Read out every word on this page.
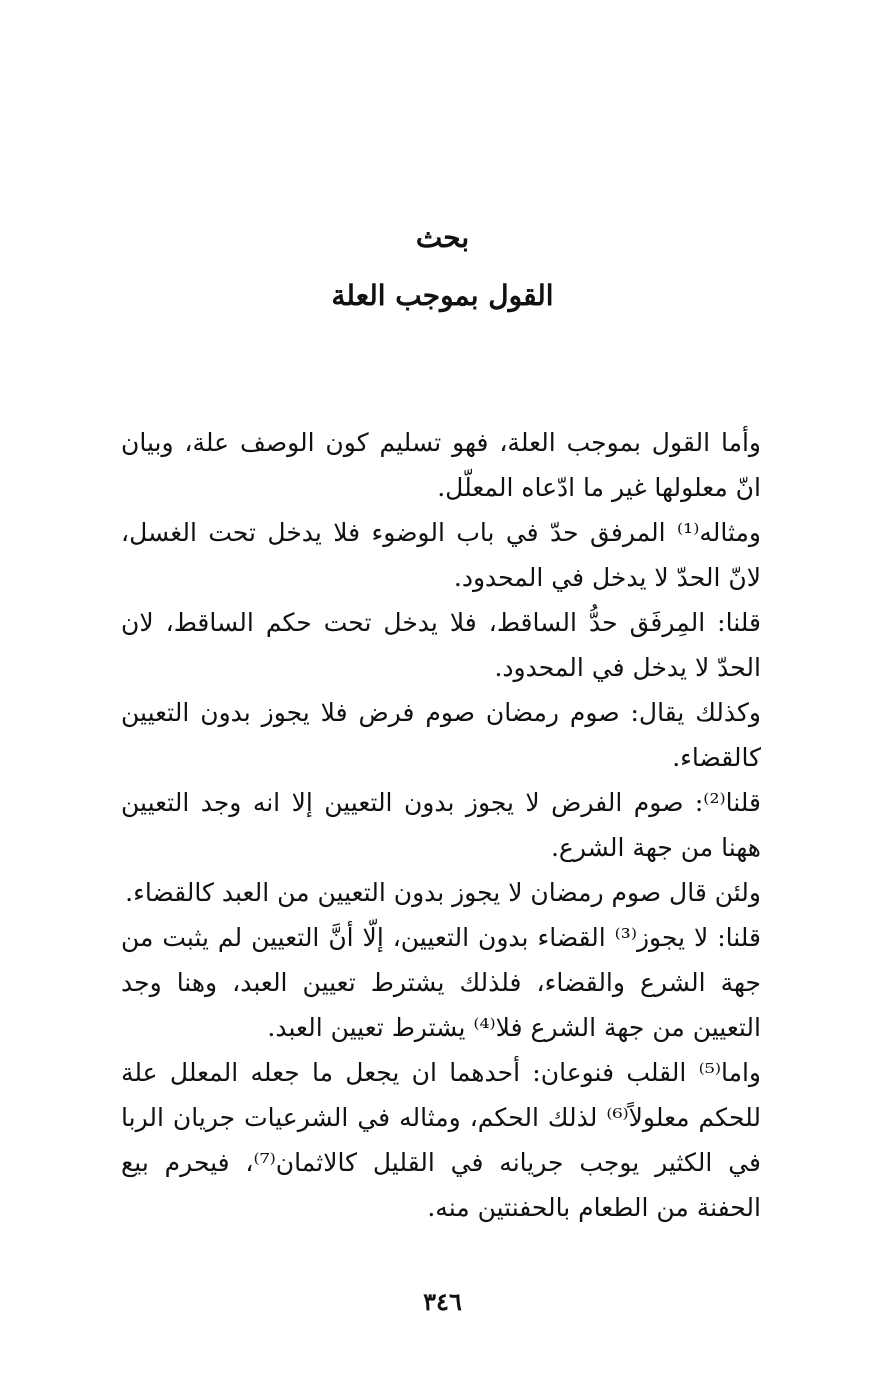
بحث
القول بموجب العلة

وأما القول بموجب العلة، فهو تسليم كون الوصف علة، وبيان انّ معلولها غير ما ادّعاه المعلّل.

ومثاله⁽¹⁾ المرفق حدّ في باب الوضوء فلا يدخل تحت الغسل، لانّ الحدّ لا يدخل في المحدود.

قلنا: المِرفَق حدُّ الساقط، فلا يدخل تحت حكم الساقط، لان الحدّ لا يدخل في المحدود.

وكذلك يقال: صوم رمضان صوم فرض فلا يجوز بدون التعيين كالقضاء.

قلنا⁽²⁾: صوم الفرض لا يجوز بدون التعيين إلا انه وجد التعيين ههنا من جهة الشرع.

ولئن قال صوم رمضان لا يجوز بدون التعيين من العبد كالقضاء.

قلنا: لا يجوز⁽³⁾ القضاء بدون التعيين، إلّا أنَّ التعيين لم يثبت من جهة الشرع والقضاء، فلذلك يشترط تعيين العبد، وهنا وجد التعيين من جهة الشرع فلا⁽⁴⁾ يشترط تعيين العبد.

واما⁽⁵⁾ القلب فنوعان: أحدهما ان يجعل ما جعله المعلل علة للحكم معلولاً⁽⁶⁾ لذلك الحكم، ومثاله في الشرعيات جريان الربا في الكثير يوجب جريانه في القليل كالاثمان⁽⁷⁾، فيحرم بيع الحفنة من الطعام بالحفنتين منه.

٣٤٦
